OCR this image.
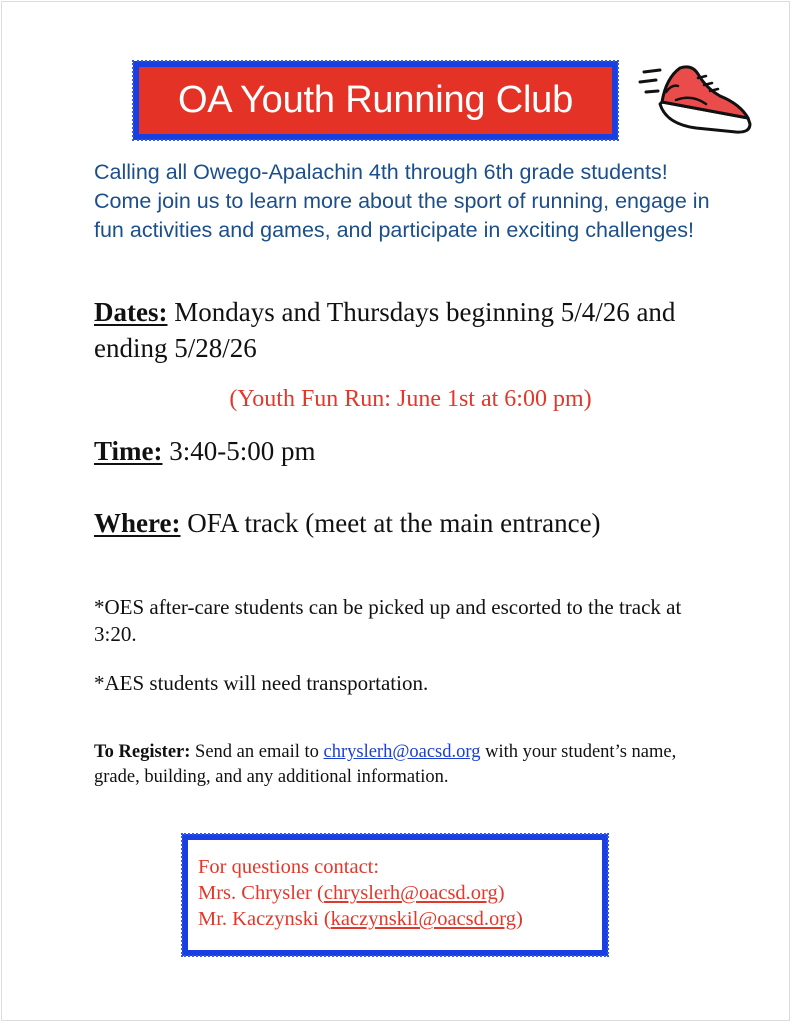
OA Youth Running Club
Calling all Owego-Apalachin 4th through 6th grade students! Come join us to learn more about the sport of running, engage in fun activities and games, and participate in exciting challenges!
Dates: Mondays and Thursdays beginning 5/4/26 and ending 5/28/26
(Youth Fun Run: June 1st at 6:00 pm)
Time: 3:40-5:00 pm
Where: OFA track (meet at the main entrance)
*OES after-care students can be picked up and escorted to the track at 3:20.
*AES students will need transportation.
To Register: Send an email to chryslerh@oacsd.org with your student’s name, grade, building, and any additional information.
For questions contact:
Mrs. Chrysler (chryslerh@oacsd.org)
Mr. Kaczynski (kaczynskil@oacsd.org)
